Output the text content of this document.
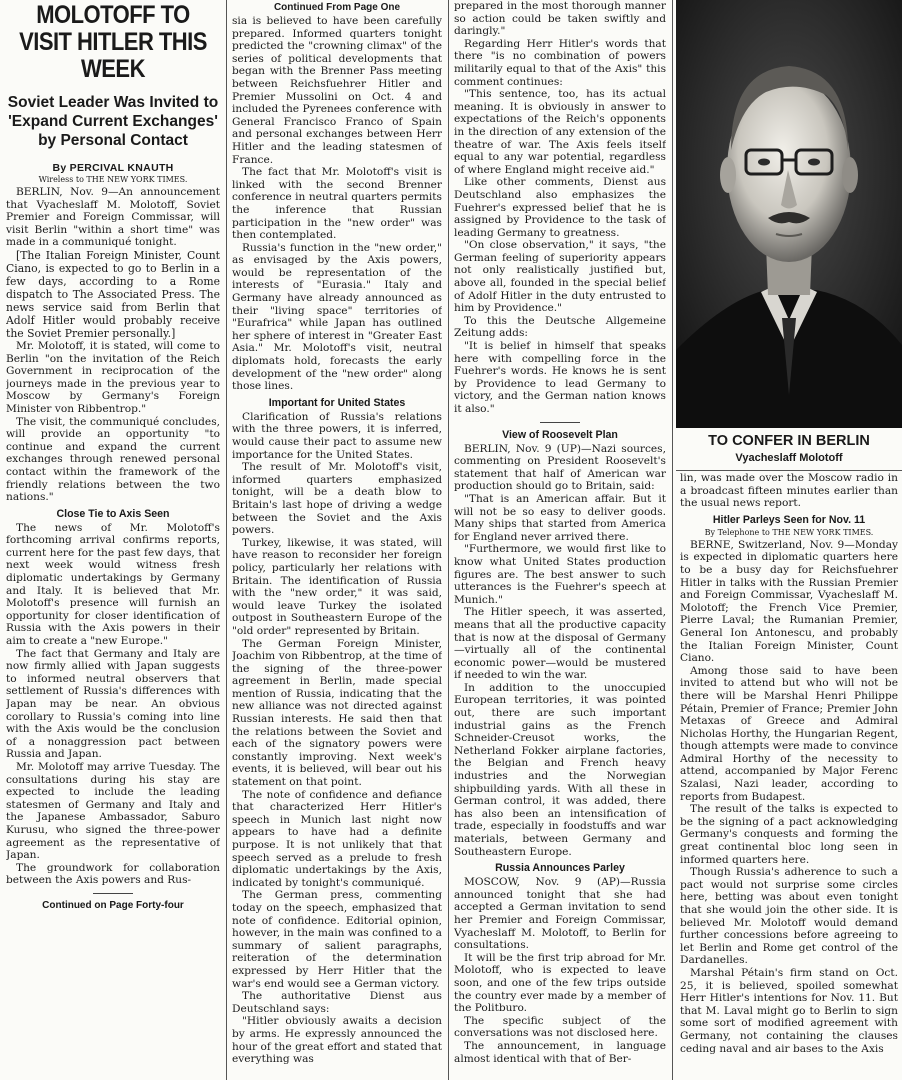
MOLOTOFF TO VISIT HITLER THIS WEEK
Soviet Leader Was Invited to 'Expand Current Exchanges' by Personal Contact
By PERCIVAL KNAUTH
Wireless to THE NEW YORK TIMES.

BERLIN, Nov. 9—An announcement that Vyacheslaff M. Molotoff, Soviet Premier and Foreign Commissar, will visit Berlin "within a short time" was made in a communiqué tonight.

[The Italian Foreign Minister, Count Ciano, is expected to go to Berlin in a few days, according to a Rome dispatch to The Associated Press. The news service said from Berlin that Adolf Hitler would probably receive the Soviet Premier personally.]

Mr. Molotoff, it is stated, will come to Berlin "on the invitation of the Reich Government in reciprocation of the journeys made in the previous year to Moscow by Germany's Foreign Minister von Ribbentrop."

The visit, the communiqué concludes, will provide an opportunity "to continue and expand the current exchanges through renewed personal contact within the framework of the friendly relations between the two nations."

Close Tie to Axis Seen

The news of Mr. Molotoff's forthcoming arrival confirms reports, current here for the past few days, that next week would witness fresh diplomatic undertakings by Germany and Italy. It is believed that Mr. Molotoff's presence will furnish an opportunity for closer identification of Russia with the Axis powers in their aim to create a "new Europe."

The fact that Germany and Italy are now firmly allied with Japan suggests to informed neutral observers that settlement of Russia's differences with Japan may be near. An obvious corollary to Russia's coming into line with the Axis would be the conclusion of a nonaggression pact between Russia and Japan.

Mr. Molotoff may arrive Tuesday. The consultations during his stay are expected to include the leading statesmen of Germany and Italy and the Japanese Ambassador, Saburo Kurusu, who signed the three-power agreement as the representative of Japan.

The groundwork for collaboration between the Axis powers and Rus-

Continued on Page Forty-four
Continued From Page One

sia is believed to have been carefully prepared. Informed quarters tonight predicted the "crowning climax" of the series of political developments that began with the Brenner Pass meeting between Reichsfuehrer Hitler and Premier Mussolini on Oct. 4 and included the Pyrenees conference with General Francisco Franco of Spain and personal exchanges between Herr Hitler and the leading statesmen of France.

The fact that Mr. Molotoff's visit is linked with the second Brenner conference in neutral quarters permits the inference that Russian participation in the "new order" was then contemplated.

Russia's function in the "new order," as envisaged by the Axis powers, would be representation of the interests of "Eurasia." Italy and Germany have already announced as their "living space" territories of "Eurafrica" while Japan has outlined her sphere of interest in "Greater East Asia." Mr. Molotoff's visit, neutral diplomats hold, forecasts the early development of the "new order" along those lines.

Important for United States

Clarification of Russia's relations with the three powers, it is inferred, would cause their pact to assume new importance for the United States.

The result of Mr. Molotoff's visit, informed quarters emphasized tonight, will be a death blow to Britain's last hope of driving a wedge between the Soviet and the Axis powers.

Turkey, likewise, it was stated, will have reason to reconsider her foreign policy, particularly her relations with Britain. The identification of Russia with the "new order," it was said, would leave Turkey the isolated outpost in Southeastern Europe of the "old order" represented by Britain.

The German Foreign Minister, Joachim von Ribbentrop, at the time of the signing of the three-power agreement in Berlin, made special mention of Russia, indicating that the new alliance was not directed against Russian interests. He said then that the relations between the Soviet and each of the signatory powers were constantly improving. Next week's events, it is believed, will bear out his statement on that point.

The note of confidence and defiance that characterized Herr Hitler's speech in Munich last night now appears to have had a definite purpose. It is not unlikely that that speech served as a prelude to fresh diplomatic undertakings by the Axis, indicated by tonight's communiqué.

The German press, commenting today on the speech, emphasized that note of confidence. Editorial opinion, however, in the main was confined to a summary of salient paragraphs, reiteration of the determination expressed by Herr Hitler that the war's end would see a German victory.

The authoritative Dienst aus Deutschland says:

"Hitler obviously awaits a decision by arms. He expressly announced the hour of the great effort and stated that everything was

prepared in the most thorough manner so action could be taken swiftly and daringly."

Regarding Herr Hitler's words that there "is no combination of powers militarily equal to that of the Axis" this comment continues:

"This sentence, too, has its actual meaning. It is obviously in answer to expectations of the Reich's opponents in the direction of any extension of the theatre of war. The Axis feels itself equal to any war potential, regardless of where England might receive aid."

Like other comments, Dienst aus Deutschland also emphasizes the Fuehrer's expressed belief that he is assigned by Providence to the task of leading Germany to greatness.

"On close observation," it says, "the German feeling of superiority appears not only realistically justified but, above all, founded in the special belief of Adolf Hitler in the duty entrusted to him by Providence."

To this the Deutsche Allgemeine Zeitung adds:

"It is belief in himself that speaks here with compelling force in the Fuehrer's words. He knows he is sent by Providence to lead Germany to victory, and the German nation knows it also."

View of Roosevelt Plan

BERLIN, Nov. 9 (UP)—Nazi sources, commenting on President Roosevelt's statement that half of American war production should go to Britain, said:

"That is an American affair. But it will not be so easy to deliver goods. Many ships that started from America for England never arrived there.

"Furthermore, we would first like to know what United States production figures are. The best answer to such utterances is the Fuehrer's speech at Munich."

The Hitler speech, it was asserted, means that all the productive capacity that is now at the disposal of Germany—virtually all of the continental economic power—would be mustered if needed to win the war.

In addition to the unoccupied European territories, it was pointed out, there are such important industrial gains as the French Schneider-Creusot works, the Netherland Fokker airplane factories, the Belgian and French heavy industries and the Norwegian shipbuilding yards. With all these in German control, it was added, there has also been an intensification of trade, especially in foodstuffs and war materials, between Germany and Southeastern Europe.

Russia Announces Parley

MOSCOW, Nov. 9 (AP)—Russia announced tonight that she had accepted a German invitation to send her Premier and Foreign Commissar, Vyacheslaff M. Molotoff, to Berlin for consultations.

It will be the first trip abroad for Mr. Molotoff, who is expected to leave soon, and one of the few trips outside the country ever made by a member of the Politburo.

The specific subject of the conversations was not disclosed here.

The announcement, in language almost identical with that of Ber-

TO CONFER IN BERLIN
Vyacheslaff Molotoff

lin, was made over the Moscow radio in a broadcast fifteen minutes earlier than the usual news report.

Hitler Parleys Seen for Nov. 11
By Telephone to THE NEW YORK TIMES.

BERNE, Switzerland, Nov. 9—Monday is expected in diplomatic quarters here to be a busy day for Reichsfuehrer Hitler in talks with the Russian Premier and Foreign Commissar, Vyacheslaff M. Molotoff; the French Vice Premier, Pierre Laval; the Rumanian Premier, General Ion Antonescu, and probably the Italian Foreign Minister, Count Ciano.

Among those said to have been invited to attend but who will not be there will be Marshal Henri Philippe Pétain, Premier of France; Premier John Metaxas of Greece and Admiral Nicholas Horthy, the Hungarian Regent, though attempts were made to convince Admiral Horthy of the necessity to attend, accompanied by Major Ferenc Szalasi, Nazi leader, according to reports from Budapest.

The result of the talks is expected to be the signing of a pact acknowledging Germany's conquests and forming the great continental bloc long seen in informed quarters here.

Though Russia's adherence to such a pact would not surprise some circles here, betting was about even tonight that she would join the other side. It is believed Mr. Molotoff would demand further concessions before agreeing to let Berlin and Rome get control of the Dardanelles.

Marshal Pétain's firm stand on Oct. 25, it is believed, spoiled somewhat Herr Hitler's intentions for Nov. 11. But that M. Laval might go to Berlin to sign some sort of modified agreement with Germany, not containing the clauses ceding naval and air bases to the Axis
